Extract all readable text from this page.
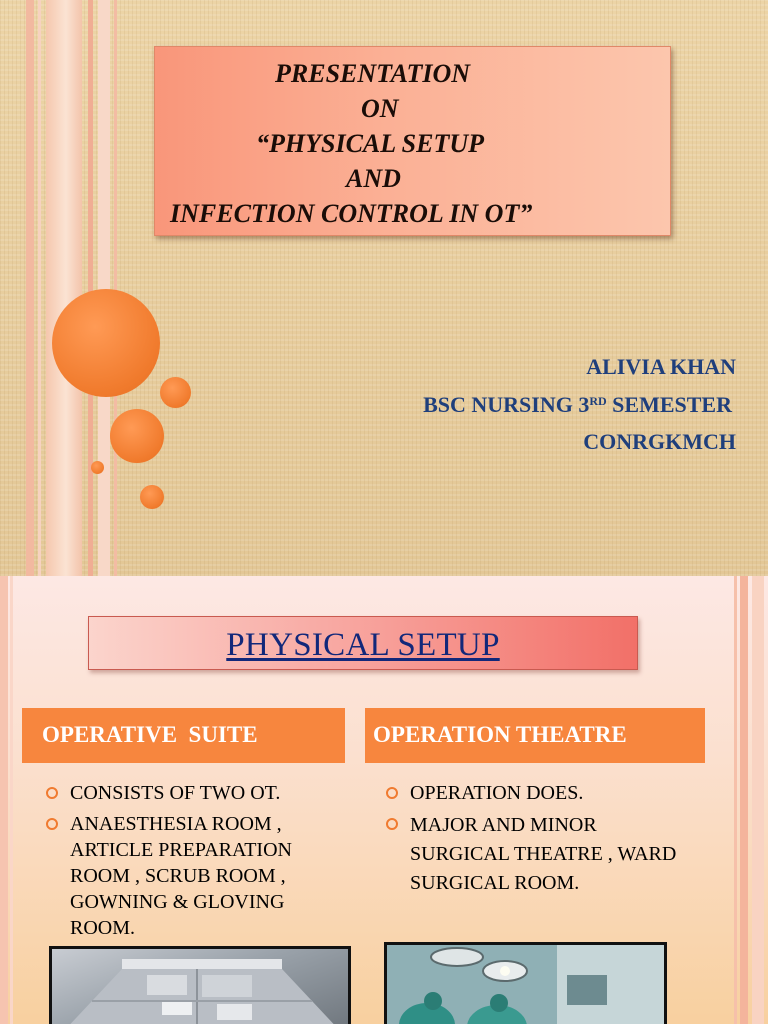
PRESENTATION
ON
“PHYSICAL SETUP
AND
INFECTION CONTROL IN OT”
ALIVIA KHAN
BSC NURSING 3RD SEMESTER
CONRGKMCH
PHYSICAL SETUP
OPERATIVE  SUITE	OPERATION THEATRE
CONSISTS OF TWO OT.
ANAESTHESIA ROOM , ARTICLE PREPARATION ROOM , SCRUB ROOM , GOWNING & GLOVING ROOM.
OPERATION DOES.
MAJOR AND MINOR SURGICAL THEATRE , WARD SURGICAL ROOM.
